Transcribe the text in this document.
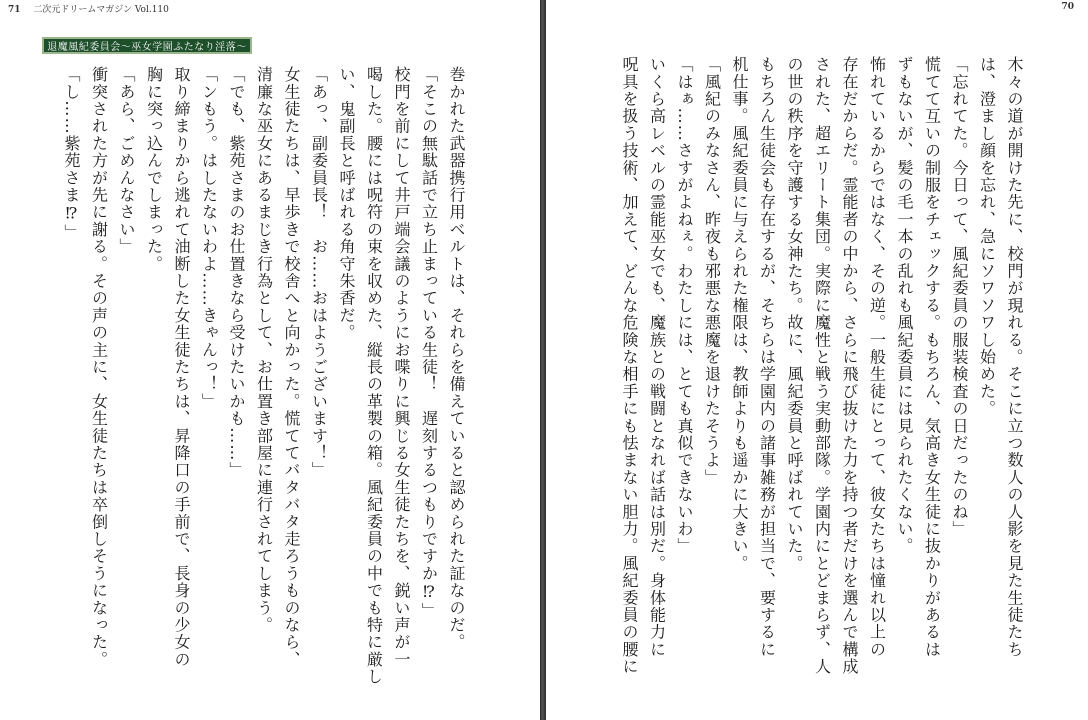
71 二次元ドリームマガジン Vol.110
退魔風紀委員会〜巫女学園ふたなり淫落〜
巻かれた武器携行用ベルトは、それらを備えていると認められた証なのだ。
「そこの無駄話で立ち止まっている生徒！　遅刻するつもりですか⁉」
校門を前にして井戸端会議のようにお喋りに興じる女生徒たちを、鋭い声が一
喝した。腰には呪符の束を収めた、縦長の革製の箱。風紀委員の中でも特に厳し
い、鬼副長と呼ばれる角守朱香だ。
「あっ、副委員長！　お……おはようございます！」
女生徒たちは、早歩きで校舎へと向かった。慌ててバタバタ走ろうものなら、
清廉な巫女にあるまじき行為として、お仕置き部屋に連行されてしまう。
「でも、紫苑さまのお仕置きなら受けたいかも……」
「ンもう。はしたないわよ……きゃんっ！」
取り締まりから逃れて油断した女生徒たちは、昇降口の手前で、長身の少女の
胸に突っ込んでしまった。
「あら、ごめんなさい」
衝突された方が先に謝る。その声の主に、女生徒たちは卒倒しそうになった。
「し……紫苑さま⁉」
70
木々の道が開けた先に、校門が現れる。そこに立つ数人の人影を見た生徒たち
は、澄まし顔を忘れ、急にソワソワし始めた。
「忘れてた。今日って、風紀委員の服装検査の日だったのね」
慌てて互いの制服をチェックする。もちろん、気高き女生徒に抜かりがあるは
ずもないが、髪の毛一本の乱れも風紀委員には見られたくない。
怖れているからではなく、その逆。一般生徒にとって、彼女たちは憧れ以上の
存在だからだ。霊能者の中から、さらに飛び抜けた力を持つ者だけを選んで構成
された、超エリート集団。実際に魔性と戦う実動部隊。学園内にとどまらず、人
の世の秩序を守護する女神たち。故に、風紀委員と呼ばれていた。
もちろん生徒会も存在するが、そちらは学園内の諸事雑務が担当で、要するに
机仕事。風紀委員に与えられた権限は、教師よりも遥かに大きい。
「風紀のみなさん、昨夜も邪悪な悪魔を退けたそうよ」
「はぁ……さすがよねぇ。わたしには、とても真似できないわ」
いくら高レベルの霊能巫女でも、魔族との戦闘となれば話は別だ。身体能力に
呪具を扱う技術、加えて、どんな危険な相手にも怯まない胆力。風紀委員の腰に
